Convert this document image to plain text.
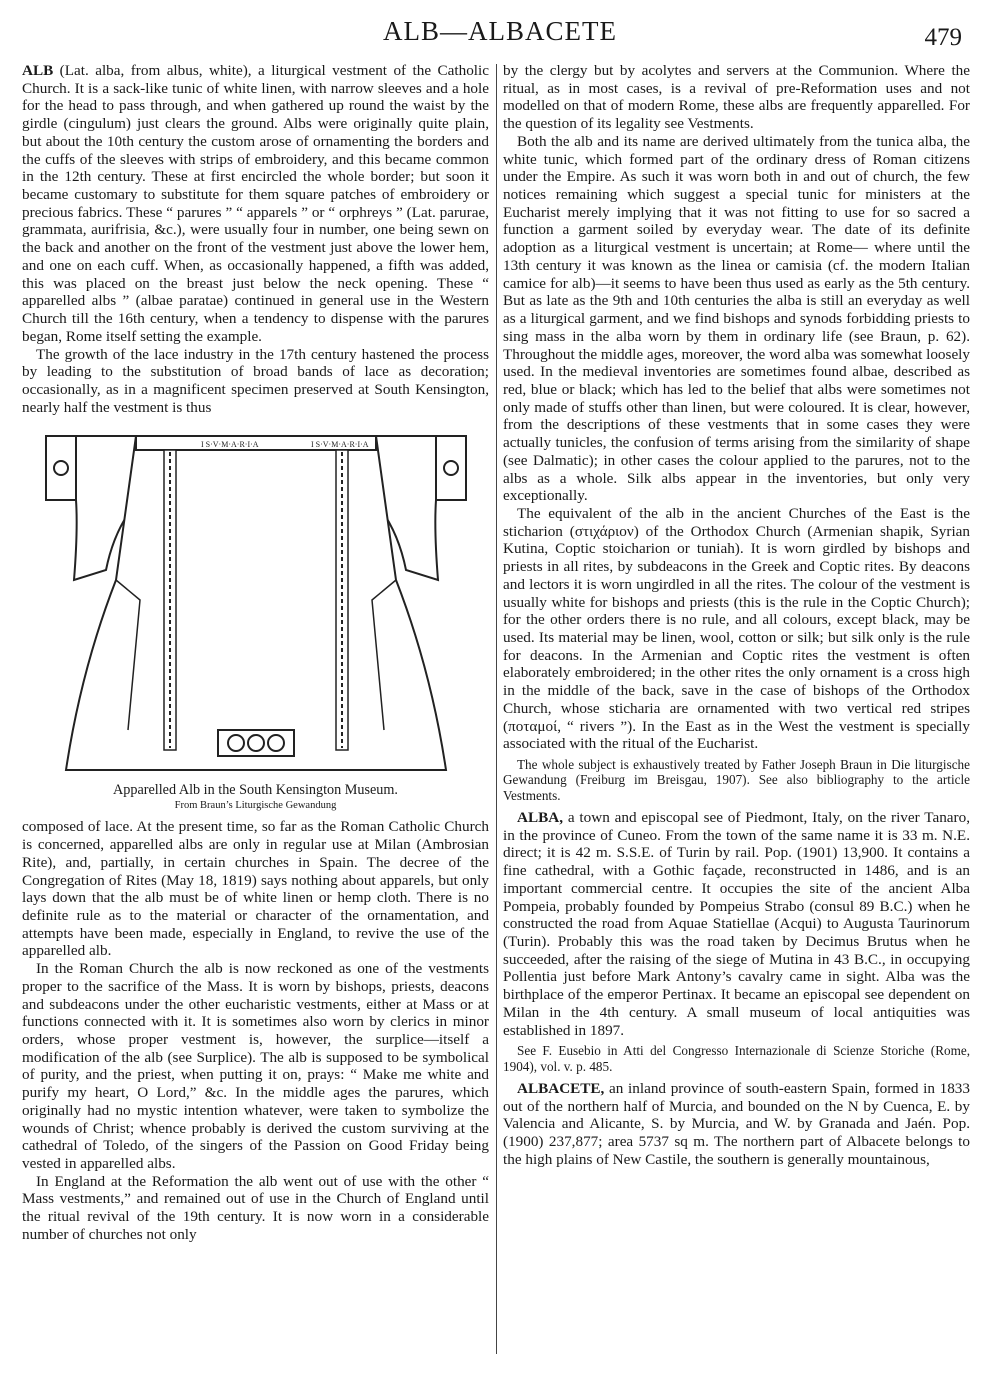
ALB—ALBACETE	479

ALB (Lat. alba, from albus, white), a liturgical vestment of the Catholic Church. It is a sack-like tunic of white linen, with narrow sleeves and a hole for the head to pass through, and when gathered up round the waist by the girdle (cingulum) just clears the ground. Albs were originally quite plain, but about the 10th century the custom arose of ornamenting the borders and the cuffs of the sleeves with strips of embroidery, and this became common in the 12th century. These at first encircled the whole border; but soon it became customary to substitute for them square patches of embroidery or precious fabrics. These “ parures ” “ apparels ” or “ orphreys ” (Lat. parurae, grammata, aurifrisia, &c.), were usually four in number, one being sewn on the back and another on the front of the vestment just above the lower hem, and one on each cuff. When, as occasionally happened, a fifth was added, this was placed on the breast just below the neck opening. These “ apparelled albs ” (albae paratae) continued in general use in the Western Church till the 16th century, when a tendency to dispense with the parures began, Rome itself setting the example.

The growth of the lace industry in the 17th century hastened the process by leading to the substitution of broad bands of lace as decoration; occasionally, as in a magnificent specimen preserved at South Kensington, nearly half the vestment is thus

I S·V·M·A·R·I·A	I S·V·M·A·R·I·A
Apparelled Alb in the South Kensington Museum.
From Braun’s Liturgische Gewandung

composed of lace. At the present time, so far as the Roman Catholic Church is concerned, apparelled albs are only in regular use at Milan (Ambrosian Rite), and, partially, in certain churches in Spain. The decree of the Congregation of Rites (May 18, 1819) says nothing about apparels, but only lays down that the alb must be of white linen or hemp cloth. There is no definite rule as to the material or character of the ornamentation, and attempts have been made, especially in England, to revive the use of the apparelled alb.

In the Roman Church the alb is now reckoned as one of the vestments proper to the sacrifice of the Mass. It is worn by bishops, priests, deacons and subdeacons under the other eucharistic vestments, either at Mass or at functions connected with it. It is sometimes also worn by clerics in minor orders, whose proper vestment is, however, the surplice—itself a modification of the alb (see Surplice). The alb is supposed to be symbolical of purity, and the priest, when putting it on, prays: “ Make me white and purify my heart, O Lord,” &c. In the middle ages the parures, which originally had no mystic intention whatever, were taken to symbolize the wounds of Christ; whence probably is derived the custom surviving at the cathedral of Toledo, of the singers of the Passion on Good Friday being vested in apparelled albs.

In England at the Reformation the alb went out of use with the other “ Mass vestments,” and remained out of use in the Church of England until the ritual revival of the 19th century. It is now worn in a considerable number of churches not only

by the clergy but by acolytes and servers at the Communion. Where the ritual, as in most cases, is a revival of pre-Reformation uses and not modelled on that of modern Rome, these albs are frequently apparelled. For the question of its legality see Vestments.

Both the alb and its name are derived ultimately from the tunica alba, the white tunic, which formed part of the ordinary dress of Roman citizens under the Empire. As such it was worn both in and out of church, the few notices remaining which suggest a special tunic for ministers at the Eucharist merely implying that it was not fitting to use for so sacred a function a garment soiled by everyday wear. The date of its definite adoption as a liturgical vestment is uncertain; at Rome— where until the 13th century it was known as the linea or camisia (cf. the modern Italian camice for alb)—it seems to have been thus used as early as the 5th century. But as late as the 9th and 10th centuries the alba is still an everyday as well as a liturgical garment, and we find bishops and synods forbidding priests to sing mass in the alba worn by them in ordinary life (see Braun, p. 62). Throughout the middle ages, moreover, the word alba was somewhat loosely used. In the medieval inventories are sometimes found albae, described as red, blue or black; which has led to the belief that albs were sometimes not only made of stuffs other than linen, but were coloured. It is clear, however, from the descriptions of these vestments that in some cases they were actually tunicles, the confusion of terms arising from the similarity of shape (see Dalmatic); in other cases the colour applied to the parures, not to the albs as a whole. Silk albs appear in the inventories, but only very exceptionally.

The equivalent of the alb in the ancient Churches of the East is the sticharion (στιχάριον) of the Orthodox Church (Armenian shapik, Syrian Kutina, Coptic stoicharion or tuniah). It is worn girdled by bishops and priests in all rites, by subdeacons in the Greek and Coptic rites. By deacons and lectors it is worn ungirdled in all the rites. The colour of the vestment is usually white for bishops and priests (this is the rule in the Coptic Church); for the other orders there is no rule, and all colours, except black, may be used. Its material may be linen, wool, cotton or silk; but silk only is the rule for deacons. In the Armenian and Coptic rites the vestment is often elaborately embroidered; in the other rites the only ornament is a cross high in the middle of the back, save in the case of bishops of the Orthodox Church, whose sticharia are ornamented with two vertical red stripes (ποταμοί, “ rivers ”). In the East as in the West the vestment is specially associated with the ritual of the Eucharist.

The whole subject is exhaustively treated by Father Joseph Braun in Die liturgische Gewandung (Freiburg im Breisgau, 1907). See also bibliography to the article Vestments.

ALBA, a town and episcopal see of Piedmont, Italy, on the river Tanaro, in the province of Cuneo. From the town of the same name it is 33 m. N.E. direct; it is 42 m. S.S.E. of Turin by rail. Pop. (1901) 13,900. It contains a fine cathedral, with a Gothic façade, reconstructed in 1486, and is an important commercial centre. It occupies the site of the ancient Alba Pompeia, probably founded by Pompeius Strabo (consul 89 B.C.) when he constructed the road from Aquae Statiellae (Acqui) to Augusta Taurinorum (Turin). Probably this was the road taken by Decimus Brutus when he succeeded, after the raising of the siege of Mutina in 43 B.C., in occupying Pollentia just before Mark Antony’s cavalry came in sight. Alba was the birthplace of the emperor Pertinax. It became an episcopal see dependent on Milan in the 4th century. A small museum of local antiquities was established in 1897.

See F. Eusebio in Atti del Congresso Internazionale di Scienze Storiche (Rome, 1904), vol. v. p. 485.

ALBACETE, an inland province of south-eastern Spain, formed in 1833 out of the northern half of Murcia, and bounded on the N by Cuenca, E. by Valencia and Alicante, S. by Murcia, and W. by Granada and Jaén. Pop. (1900) 237,877; area 5737 sq m. The northern part of Albacete belongs to the high plains of New Castile, the southern is generally mountainous,
